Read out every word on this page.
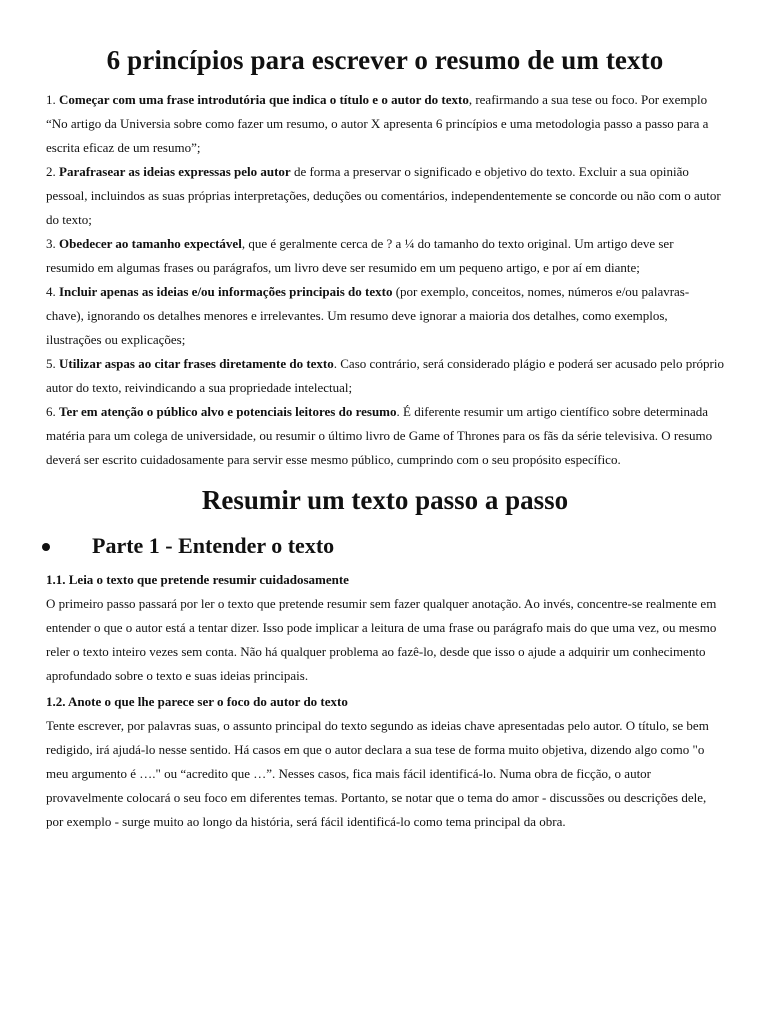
6 princípios para escrever o resumo de um texto

1. Começar com uma frase introdutória que indica o título e o autor do texto, reafirmando a sua tese ou foco. Por exemplo “No artigo da Universia sobre como fazer um resumo, o autor X apresenta 6 princípios e uma metodologia passo a passo para a escrita eficaz de um resumo”;

2. Parafrasear as ideias expressas pelo autor de forma a preservar o significado e objetivo do texto. Excluir a sua opinião pessoal, incluindos as suas próprias interpretações, deduções ou comentários, independentemente se concorde ou não com o autor do texto;

3. Obedecer ao tamanho expectável, que é geralmente cerca de ? a ¼ do tamanho do texto original. Um artigo deve ser resumido em algumas frases ou parágrafos, um livro deve ser resumido em um pequeno artigo, e por aí em diante;

4. Incluir apenas as ideias e/ou informações principais do texto (por exemplo, conceitos, nomes, números e/ou palavras-chave), ignorando os detalhes menores e irrelevantes. Um resumo deve ignorar a maioria dos detalhes, como exemplos, ilustrações ou explicações;

5. Utilizar aspas ao citar frases diretamente do texto. Caso contrário, será considerado plágio e poderá ser acusado pelo próprio autor do texto, reivindicando a sua propriedade intelectual;

6. Ter em atenção o público alvo e potenciais leitores do resumo. É diferente resumir um artigo científico sobre determinada matéria para um colega de universidade, ou resumir o último livro de Game of Thrones para os fãs da série televisiva. O resumo deverá ser escrito cuidadosamente para servir esse mesmo público, cumprindo com o seu propósito específico.

Resumir um texto passo a passo
Parte 1 - Entender o texto

1.1. Leia o texto que pretende resumir cuidadosamente

O primeiro passo passará por ler o texto que pretende resumir sem fazer qualquer anotação. Ao invés, concentre-se realmente em entender o que o autor está a tentar dizer. Isso pode implicar a leitura de uma frase ou parágrafo mais do que uma vez, ou mesmo reler o texto inteiro vezes sem conta. Não há qualquer problema ao fazê-lo, desde que isso o ajude a adquirir um conhecimento aprofundado sobre o texto e suas ideias principais.

1.2. Anote o que lhe parece ser o foco do autor do texto

Tente escrever, por palavras suas, o assunto principal do texto segundo as ideias chave apresentadas pelo autor. O título, se bem redigido, irá ajudá-lo nesse sentido. Há casos em que o autor declara a sua tese de forma muito objetiva, dizendo algo como "o meu argumento é …." ou “acredito que …”. Nesses casos, fica mais fácil identificá-lo. Numa obra de ficção, o autor provavelmente colocará o seu foco em diferentes temas. Portanto, se notar que o tema do amor - discussões ou descrições dele, por exemplo - surge muito ao longo da história, será fácil identificá-lo como tema principal da obra.
